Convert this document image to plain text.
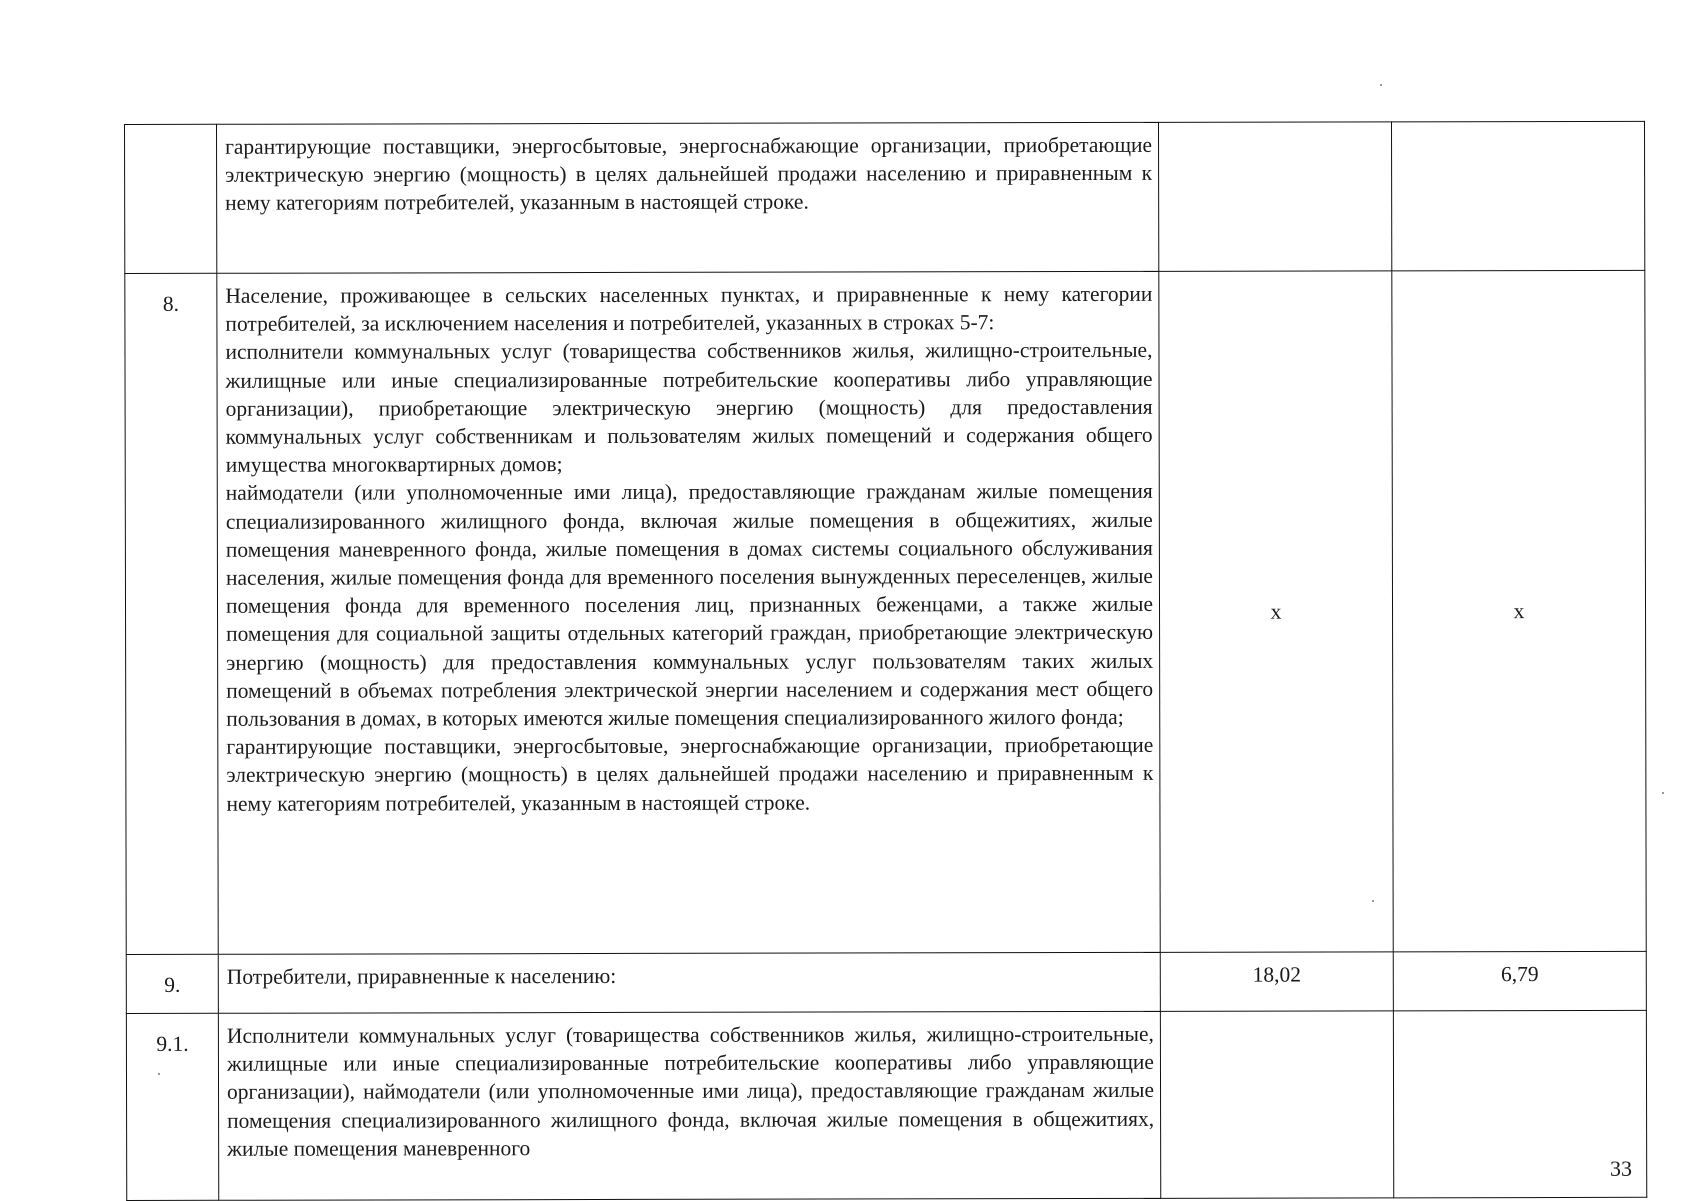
	гарантирующие поставщики, энергосбытовые, энергоснабжающие организации, приобретающие электрическую энергию (мощность) в целях дальнейшей продажи населению и приравненным к нему категориям потребителей, указанным в настоящей строке.		

8.	Население, проживающее в сельских населенных пунктах, и приравненные к нему категории потребителей, за исключением населения и потребителей, указанных в строках 5-7:

исполнители коммунальных услуг (товарищества собственников жилья, жилищно-строительные, жилищные или иные специализированные потребительские кооперативы либо управляющие организации), приобретающие электрическую энергию (мощность) для предоставления коммунальных услуг собственникам и пользователям жилых помещений и содержания общего имущества многоквартирных домов;

наймодатели (или уполномоченные ими лица), предоставляющие гражданам жилые помещения специализированного жилищного фонда, включая жилые помещения в общежитиях, жилые помещения маневренного фонда, жилые помещения в домах системы социального обслуживания населения, жилые помещения фонда для временного поселения вынужденных переселенцев, жилые помещения фонда для временного поселения лиц, признанных беженцами, а также жилые помещения для социальной защиты отдельных категорий граждан, приобретающие электрическую энергию (мощность) для предоставления коммунальных услуг пользователям таких жилых помещений в объемах потребления электрической энергии населением и содержания мест общего пользования в домах, в которых имеются жилые помещения специализированного жилого фонда;

гарантирующие поставщики, энергосбытовые, энергоснабжающие организации, приобретающие электрическую энергию (мощность) в целях дальнейшей продажи населению и приравненным к нему категориям потребителей, указанным в настоящей строке.	х	х
9.	Потребители, приравненные к населению:	18,02	6,79
9.1.	Исполнители коммунальных услуг (товарищества собственников жилья, жилищно-строительные, жилищные или иные специализированные потребительские кооперативы либо управляющие организации), наймодатели (или уполномоченные ими лица), предоставляющие гражданам жилые помещения специализированного жилищного фонда, включая жилые помещения в общежитиях, жилые помещения маневренного		

33
